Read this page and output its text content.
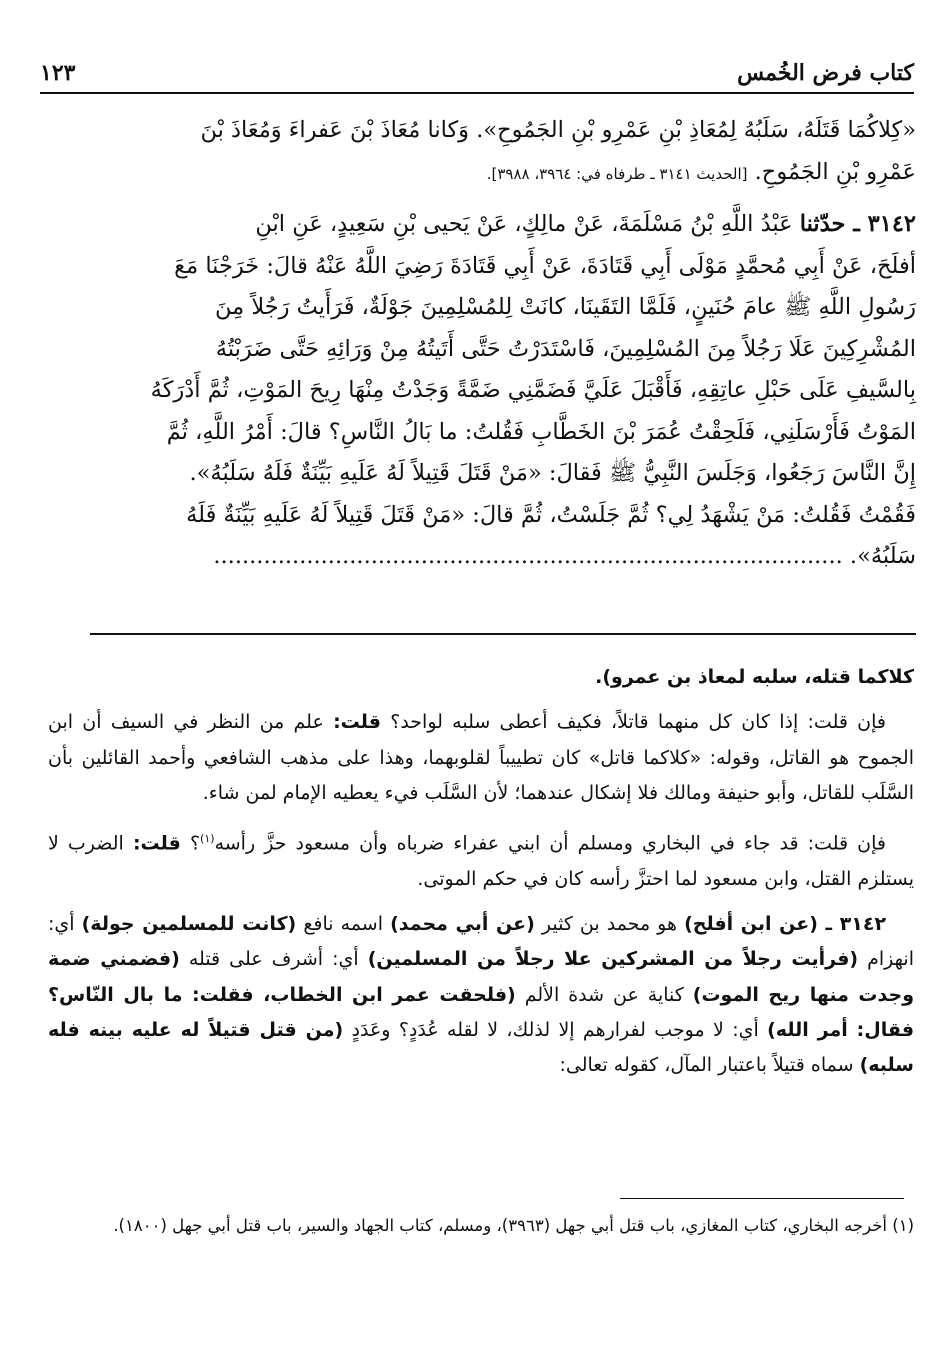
كتاب فرض الخُمس
١٢٣

«كِلاكُمَا قَتَلَهُ، سَلَبُهُ لِمُعَاذِ بْنِ عَمْرِو بْنِ الجَمُوحِ». وَكانا مُعَاذَ بْنَ عَفراءَ وَمُعَاذَ بْنَ

عَمْرِو بْنِ الجَمُوحِ. [الحديث ٣١٤١ ـ طرفاه في: ٣٩٦٤، ٣٩٨٨].

٣١٤٢ ـ حدّثنا عَبْدُ اللَّهِ بْنُ مَسْلَمَةَ، عَنْ مالِكٍ، عَنْ يَحيى بْنِ سَعِيدٍ، عَنِ ابْنِ

أفلَحَ، عَنْ أَبِي مُحمَّدٍ مَوْلَى أَبِي قَتَادَةَ، عَنْ أَبِي قَتَادَةَ رَضِيَ اللَّهُ عَنْهُ قالَ: خَرَجْنَا مَعَ

رَسُولِ اللَّهِ ﷺ عامَ حُنَينٍ، فَلَمَّا التَقَينَا، كانَتْ لِلمُسْلِمِينَ جَوْلَةٌ، فَرَأَيتُ رَجُلاً مِنَ

المُشْرِكِينَ عَلَا رَجُلاً مِنَ المُسْلِمِينَ، فَاسْتَدَرْتُ حَتَّى أَتَيتُهُ مِنْ وَرَائِهِ حَتَّى ضَرَبْتُهُ

بِالسَّيفِ عَلَى حَبْلِ عاتِقِهِ، فَأَقْبَلَ عَلَيَّ فَضَمَّنِي ضَمَّةً وَجَدْتُ مِنْهَا رِيحَ المَوْتِ، ثُمَّ أَدْرَكَهُ

المَوْتُ فَأَرْسَلَنِي، فَلَحِقْتُ عُمَرَ بْنَ الخَطَّابِ فَقُلتُ: ما بَالُ النَّاسِ؟ قالَ: أَمْرُ اللَّهِ، ثُمَّ

إِنَّ النَّاسَ رَجَعُوا، وَجَلَسَ النَّبِيُّ ﷺ فَقالَ: «مَنْ قَتَلَ قَتِيلاً لَهُ عَلَيهِ بَيِّنَةٌ فَلَهُ سَلَبُهُ».

فَقُمْتُ فَقُلتُ: مَنْ يَشْهَدُ لِي؟ ثُمَّ جَلَسْتُ، ثُمَّ قالَ: «مَنْ قَتَلَ قَتِيلاً لَهُ عَلَيهِ بَيِّنَةٌ فَلَهُ

سَلَبُهُ». ........................................................................................

كلاكما قتله، سلبه لمعاذ بن عمرو).

فإن قلت: إذا كان كل منهما قاتلاً، فكيف أعطى سلبه لواحد؟ قلت: علم من النظر في السيف أن ابن الجموح هو القاتل، وقوله: «كلاكما قاتل» كان تطييباً لقلوبهما، وهذا على مذهب الشافعي وأحمد القائلين بأن السَّلَب للقاتل، وأبو حنيفة ومالك فلا إشكال عندهما؛ لأن السَّلَب فيء يعطيه الإمام لمن شاء.

فإن قلت: قد جاء في البخاري ومسلم أن ابني عفراء ضرباه وأن مسعود حزَّ رأسه$^{(١)}$؟ قلت: الضرب لا يستلزم القتل، وابن مسعود لما احتزَّ رأسه كان في حكم الموتى.

٣١٤٢ ـ (عن ابن أفلح) هو محمد بن كثير (عن أبي محمد) اسمه نافع (كانت للمسلمين جولة) أي: انهزام (فرأيت رجلاً من المشركين علا رجلاً من المسلمين) أي: أشرف على قتله (فضمني ضمة وجدت منها ريح الموت) كناية عن شدة الألم (فلحقت عمر ابن الخطاب، فقلت: ما بال النّاس؟ فقال: أمر الله) أي: لا موجب لفرارهم إلا لذلك، لا لقله عُدَدٍ؟ وعَدَدٍ (من قتل قتيلاً له عليه بينه فله سلبه) سماه قتيلاً باعتبار المآل، كقوله تعالى:

(١) أخرجه البخاري، كتاب المغازي، باب قتل أبي جهل (٣٩٦٣)، ومسلم، كتاب الجهاد والسير، باب قتل أبي جهل (١٨٠٠).
